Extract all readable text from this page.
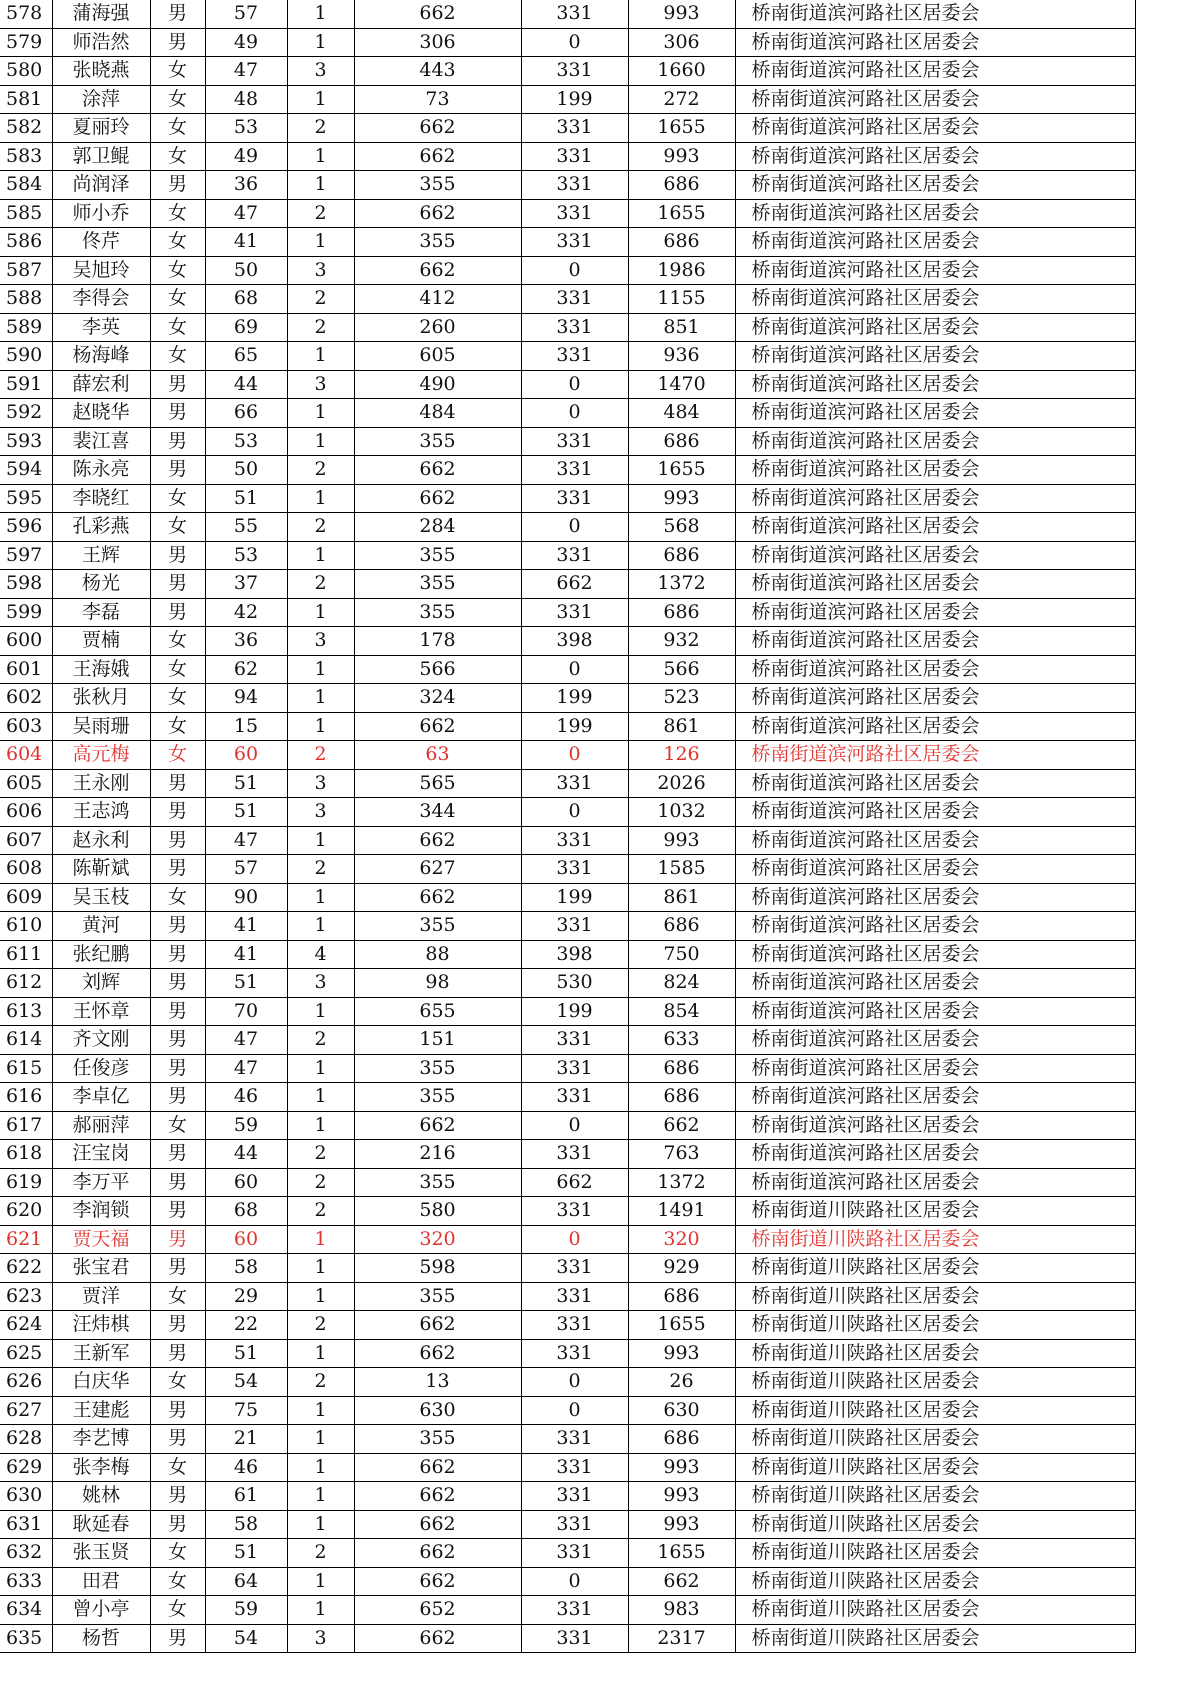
578	蒲海强	男	57	1	662	331	993	桥南街道滨河路社区居委会
579	师浩然	男	49	1	306	0	306	桥南街道滨河路社区居委会
580	张晓燕	女	47	3	443	331	1660	桥南街道滨河路社区居委会
581	涂萍	女	48	1	73	199	272	桥南街道滨河路社区居委会
582	夏丽玲	女	53	2	662	331	1655	桥南街道滨河路社区居委会
583	郭卫鲲	女	49	1	662	331	993	桥南街道滨河路社区居委会
584	尚润泽	男	36	1	355	331	686	桥南街道滨河路社区居委会
585	师小乔	女	47	2	662	331	1655	桥南街道滨河路社区居委会
586	佟芹	女	41	1	355	331	686	桥南街道滨河路社区居委会
587	吴旭玲	女	50	3	662	0	1986	桥南街道滨河路社区居委会
588	李得会	女	68	2	412	331	1155	桥南街道滨河路社区居委会
589	李英	女	69	2	260	331	851	桥南街道滨河路社区居委会
590	杨海峰	女	65	1	605	331	936	桥南街道滨河路社区居委会
591	薛宏利	男	44	3	490	0	1470	桥南街道滨河路社区居委会
592	赵晓华	男	66	1	484	0	484	桥南街道滨河路社区居委会
593	裴江喜	男	53	1	355	331	686	桥南街道滨河路社区居委会
594	陈永亮	男	50	2	662	331	1655	桥南街道滨河路社区居委会
595	李晓红	女	51	1	662	331	993	桥南街道滨河路社区居委会
596	孔彩燕	女	55	2	284	0	568	桥南街道滨河路社区居委会
597	王辉	男	53	1	355	331	686	桥南街道滨河路社区居委会
598	杨光	男	37	2	355	662	1372	桥南街道滨河路社区居委会
599	李磊	男	42	1	355	331	686	桥南街道滨河路社区居委会
600	贾楠	女	36	3	178	398	932	桥南街道滨河路社区居委会
601	王海娥	女	62	1	566	0	566	桥南街道滨河路社区居委会
602	张秋月	女	94	1	324	199	523	桥南街道滨河路社区居委会
603	吴雨珊	女	15	1	662	199	861	桥南街道滨河路社区居委会
604	高元梅	女	60	2	63	0	126	桥南街道滨河路社区居委会
605	王永刚	男	51	3	565	331	2026	桥南街道滨河路社区居委会
606	王志鸿	男	51	3	344	0	1032	桥南街道滨河路社区居委会
607	赵永利	男	47	1	662	331	993	桥南街道滨河路社区居委会
608	陈靳斌	男	57	2	627	331	1585	桥南街道滨河路社区居委会
609	吴玉枝	女	90	1	662	199	861	桥南街道滨河路社区居委会
610	黄河	男	41	1	355	331	686	桥南街道滨河路社区居委会
611	张纪鹏	男	41	4	88	398	750	桥南街道滨河路社区居委会
612	刘辉	男	51	3	98	530	824	桥南街道滨河路社区居委会
613	王怀章	男	70	1	655	199	854	桥南街道滨河路社区居委会
614	齐文刚	男	47	2	151	331	633	桥南街道滨河路社区居委会
615	任俊彦	男	47	1	355	331	686	桥南街道滨河路社区居委会
616	李卓亿	男	46	1	355	331	686	桥南街道滨河路社区居委会
617	郝丽萍	女	59	1	662	0	662	桥南街道滨河路社区居委会
618	汪宝岗	男	44	2	216	331	763	桥南街道滨河路社区居委会
619	李万平	男	60	2	355	662	1372	桥南街道滨河路社区居委会
620	李润锁	男	68	2	580	331	1491	桥南街道川陕路社区居委会
621	贾天福	男	60	1	320	0	320	桥南街道川陕路社区居委会
622	张宝君	男	58	1	598	331	929	桥南街道川陕路社区居委会
623	贾洋	女	29	1	355	331	686	桥南街道川陕路社区居委会
624	汪炜棋	男	22	2	662	331	1655	桥南街道川陕路社区居委会
625	王新军	男	51	1	662	331	993	桥南街道川陕路社区居委会
626	白庆华	女	54	2	13	0	26	桥南街道川陕路社区居委会
627	王建彪	男	75	1	630	0	630	桥南街道川陕路社区居委会
628	李艺博	男	21	1	355	331	686	桥南街道川陕路社区居委会
629	张李梅	女	46	1	662	331	993	桥南街道川陕路社区居委会
630	姚林	男	61	1	662	331	993	桥南街道川陕路社区居委会
631	耿延春	男	58	1	662	331	993	桥南街道川陕路社区居委会
632	张玉贤	女	51	2	662	331	1655	桥南街道川陕路社区居委会
633	田君	女	64	1	662	0	662	桥南街道川陕路社区居委会
634	曾小亭	女	59	1	652	331	983	桥南街道川陕路社区居委会
635	杨哲	男	54	3	662	331	2317	桥南街道川陕路社区居委会
